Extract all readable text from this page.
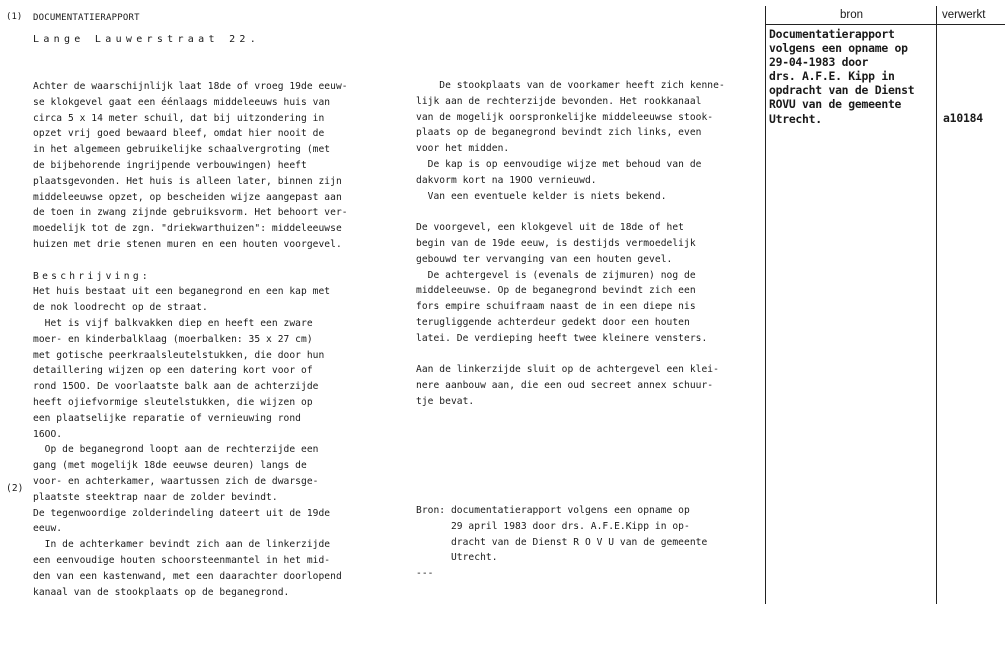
(1) DOCUMENTATIERAPPORT
Lange Lauwerstraat 22.
Achter de waarschijnlijk laat 18de of vroeg 19de eeuw-
se klokgevel gaat een éénlaags middeleeuws huis van
circa 5 x 14 meter schuil, dat bij uitzondering in
opzet vrij goed bewaard bleef, omdat hier nooit de
in het algemeen gebruikelijke schaalvergroting (met
de bijbehorende ingrijpende verbouwingen) heeft
plaatsgevonden. Het huis is alleen later, binnen zijn
middeleeuwse opzet, op bescheiden wijze aangepast aan
de toen in zwang zijnde gebruiksvorm. Het behoort ver-
moedelijk tot de zgn. "driekwarthuizen": middeleeuwse
huizen met drie stenen muren en een houten voorgevel.
Beschrijving:
Het huis bestaat uit een beganegrond en een kap met
de nok loodrecht op de straat.
Het is vijf balkvakken diep en heeft een zware
moer- en kinderbalklaag (moerbalken: 35 x 27 cm)
met gotische peerkraalsleutelstukken, die door hun
detaillering wijzen op een datering kort voor of
rond 15OO. De voorlaatste balk aan de achterzijde
heeft ojiefvormige sleutelstukken, die wijzen op
een plaatselijke reparatie of vernieuwing rond
16OO.
Op de beganegrond loopt aan de rechterzijde een
gang (met mogelijk 18de eeuwse deuren) langs de
voor- en achterkamer, waartussen zich de dwarsge-
plaatste steektrap naar de zolder bevindt.
De tegenwoordige zolderindeling dateert uit de 19de
eeuw.
In de achterkamer bevindt zich aan de linkerzijde
een eenvoudige houten schoorsteenmantel in het mid-
den van een kastenwand, met een daarachter doorlopend
kanaal van de stookplaats op de beganegrond.
(2)
De stookplaats van de voorkamer heeft zich kenne-
lijk aan de rechterzijde bevonden. Het rookkanaal
van de mogelijk oorspronkelijke middeleeuwse stook-
plaats op de beganegrond bevindt zich links, even
voor het midden.
De kap is op eenvoudige wijze met behoud van de
dakvorm kort na 19OO vernieuwd.
Van een eventuele kelder is niets bekend.

De voorgevel, een klokgevel uit de 18de of het
begin van de 19de eeuw, is destijds vermoedelijk
gebouwd ter vervanging van een houten gevel.
De achtergevel is (evenals de zijmuren) nog de
middeleeuwse. Op de beganegrond bevindt zich een
fors empire schuifraam naast de in een diepe nis
terugliggende achterdeur gedekt door een houten
latei. De verdieping heeft twee kleinere vensters.

Aan de linkerzijde sluit op de achtergevel een klei-
nere aanbouw aan, die een oud secreet annex schuur-
tje bevat.
Bron: documentatierapport volgens een opname op
29 april 1983 door drs. A.F.E.Kipp in op-
dracht van de Dienst R O V U van de gemeente
Utrecht.
---
bron	verwerkt
Documentatierapport
volgens een opname op
29-04-1983 door
drs. A.F.E. Kipp in
opdracht van de Dienst
ROVU van de gemeente
Utrecht.	a10184
